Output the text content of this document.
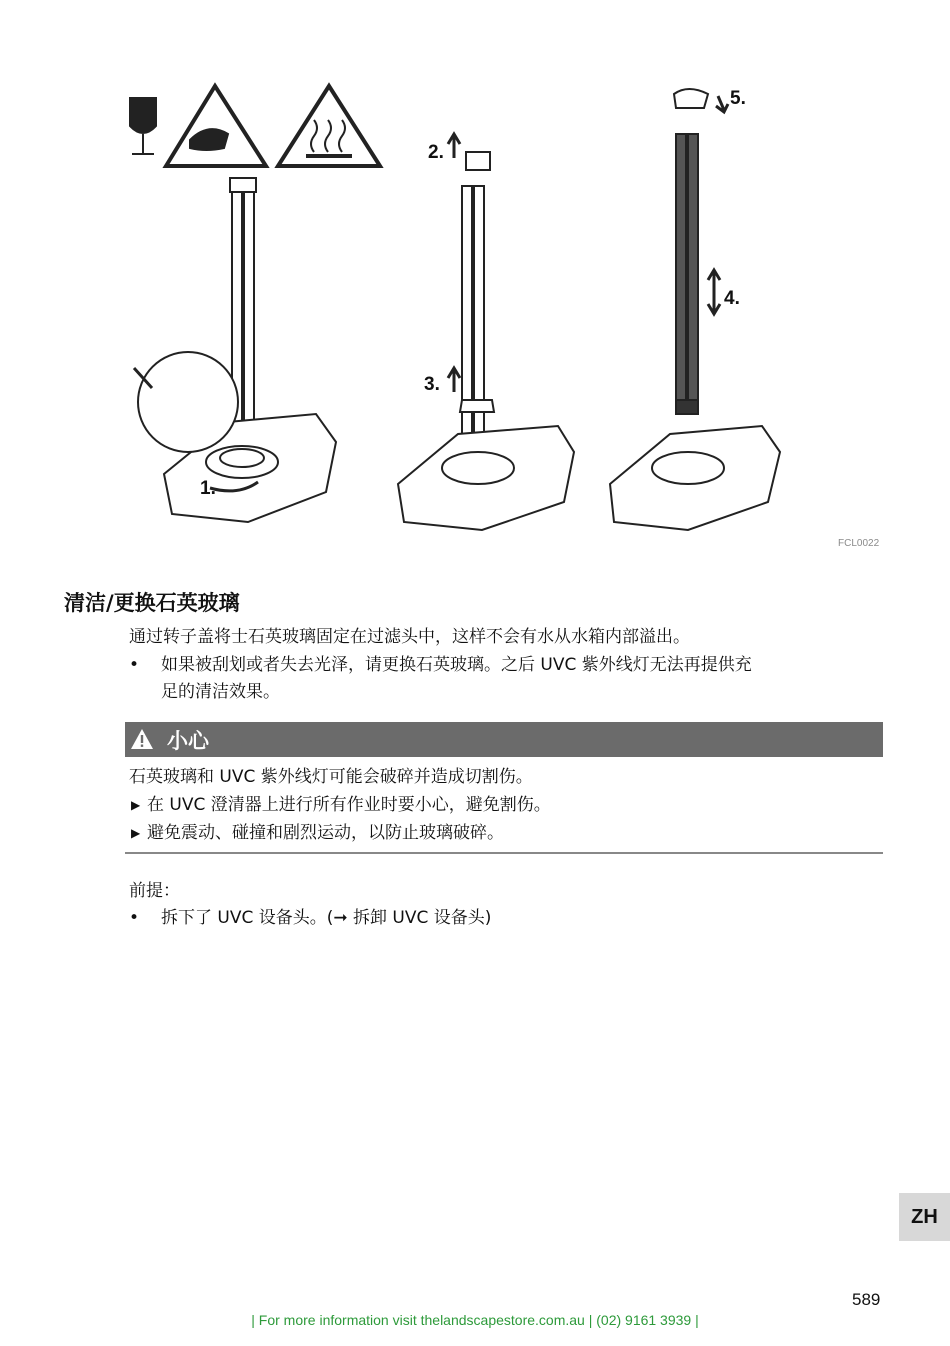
1.
2.
3.
4.
5.
FCL0022
清洁/更换石英玻璃
通过转子盖将士石英玻璃固定在过滤头中，这样不会有水从水箱内部溢出。
• 如果被刮划或者失去光泽，请更换石英玻璃。之后 UVC 紫外线灯无法再提供充
足的清洁效果。
小心
石英玻璃和 UVC 紫外线灯可能会破碎并造成切割伤。
▶ 在 UVC 澄清器上进行所有作业时要小心，避免割伤。
▶ 避免震动、碰撞和剧烈运动，以防止玻璃破碎。
前提：
• 拆下了 UVC 设备头。(➞ 拆卸 UVC 设备头)
ZH
589
| For more information visit thelandscapestore.com.au | (02) 9161 3939 |
